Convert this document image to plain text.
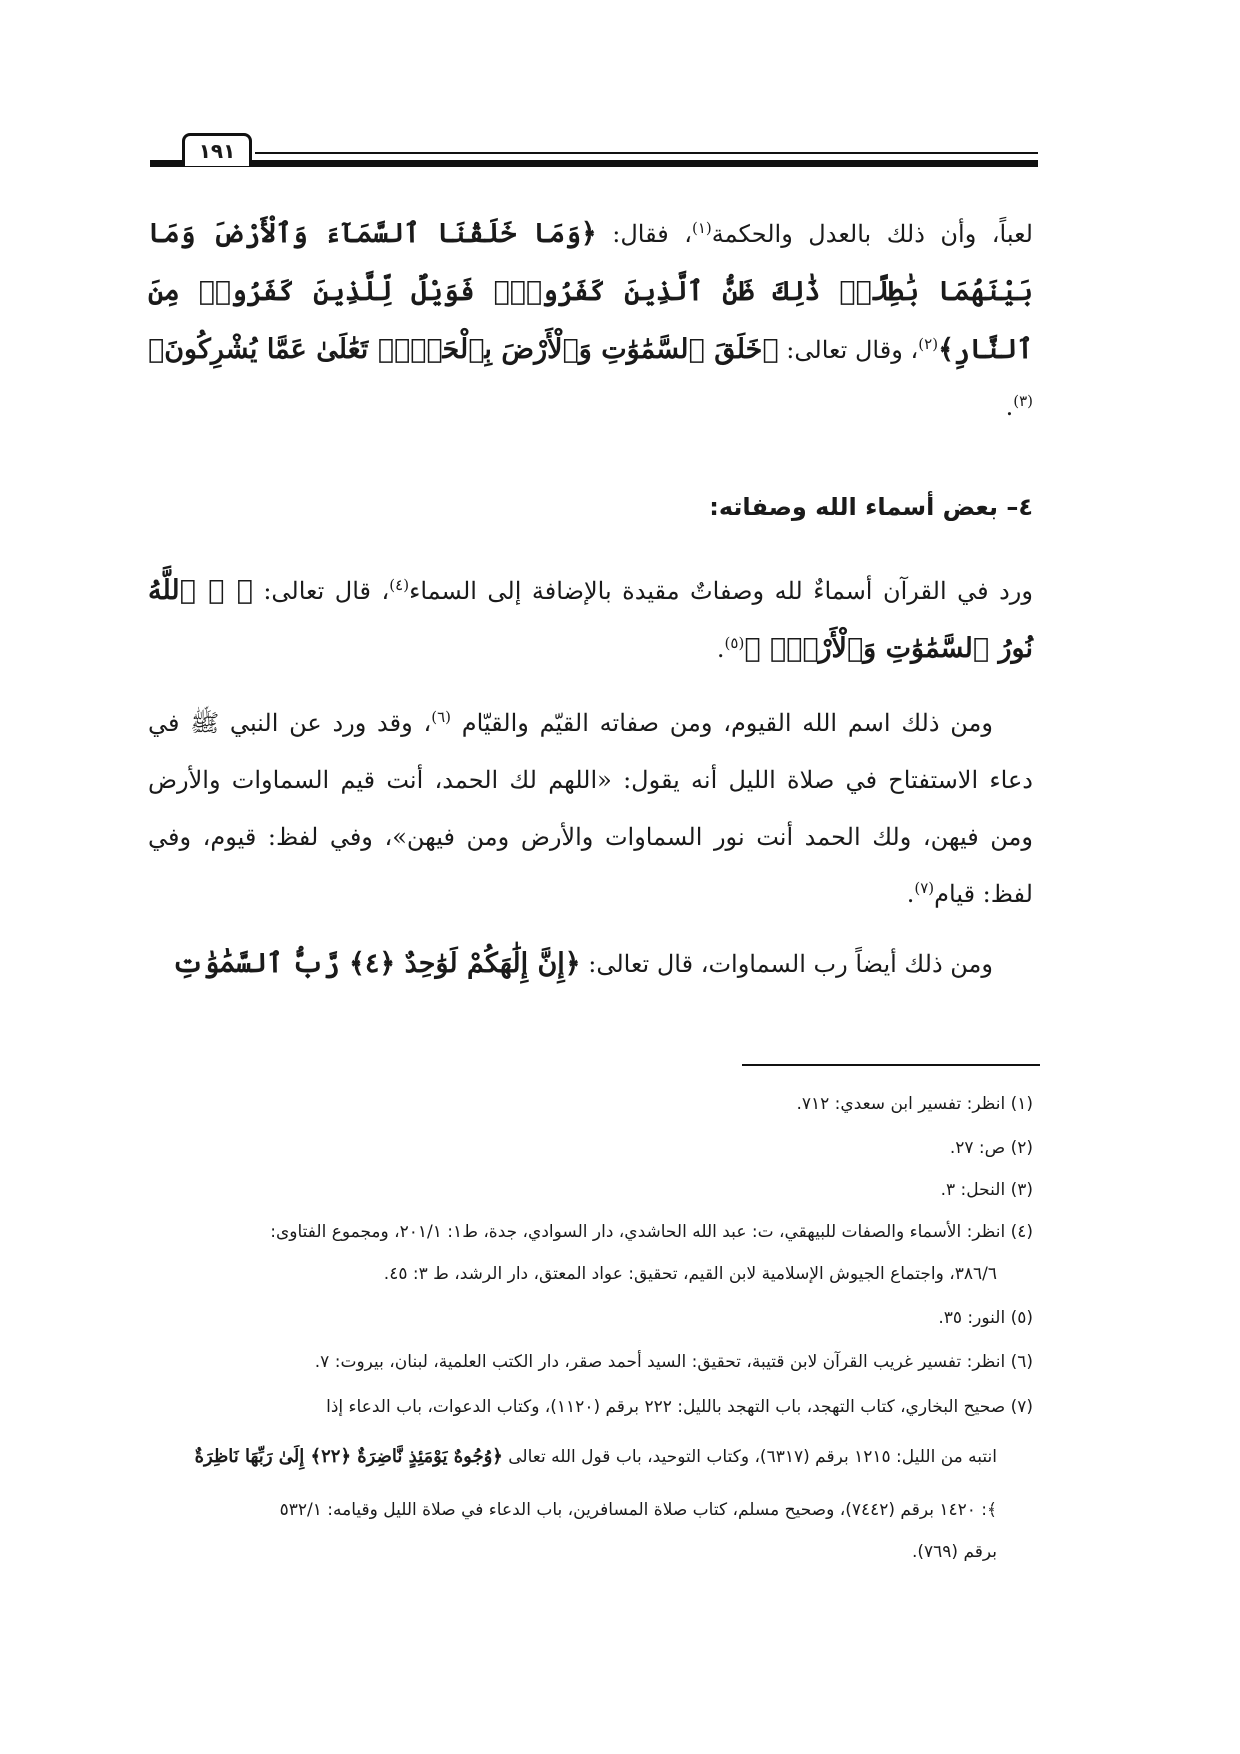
١٩١
لعباً، وأن ذلك بالعدل والحكمة$^{(١)}$، فقال: ﴿وَمَا خَلَقْنَا ٱلسَّمَآءَ وَٱلْأَرْضَ وَمَا بَيْنَهُمَا بَٰطِلًاۚ ذَٰلِكَ ظَنُّ ٱلَّذِينَ كَفَرُوا۟ۚ فَوَيْلٌ لِّلَّذِينَ كَفَرُوا۟ مِنَ ٱلنَّارِ﴾$^{(٢)}$، وقال تعالى: ﴿خَلَقَ ٱلسَّمَٰوَٰتِ وَٱلْأَرْضَ بِٱلْحَقِّۚ تَعَٰلَىٰ عَمَّا يُشْرِكُونَ﴾$^{(٣)}$.
٤– بعض أسماء الله وصفاته:
ورد في القرآن أسماءٌ لله وصفاتٌ مقيدة بالإضافة إلى السماء$^{(٤)}$، قال تعالى: ﴿ ۞ ٱللَّهُ نُورُ ٱلسَّمَٰوَٰتِ وَٱلْأَرْضِۚ ﴾$^{(٥)}$.
ومن ذلك اسم الله القيوم، ومن صفاته القيّم والقيّام $^{(٦)}$، وقد ورد عن النبي ﷺ في دعاء الاستفتاح في صلاة الليل أنه يقول: «اللهم لك الحمد، أنت قيم السماوات والأرض ومن فيهن، ولك الحمد أنت نور السماوات والأرض ومن فيهن»، وفي لفظ: قيوم، وفي لفظ: قيام$^{(٧)}$.
ومن ذلك أيضاً رب السماوات، قال تعالى: ﴿إِنَّ إِلَٰهَكُمْ لَوَٰحِدٌ ﴿٤﴾ رَّبُّ ٱلسَّمَٰوَٰتِ
(١) انظر: تفسير ابن سعدي: ٧١٢.
(٢) ص: ٢٧.
(٣) النحل: ٣.
(٤) انظر: الأسماء والصفات للبيهقي، ت: عبد الله الحاشدي، دار السوادي، جدة، ط١: ٢٠١/١، ومجموع الفتاوى:
٣٨٦/٦، واجتماع الجيوش الإسلامية لابن القيم، تحقيق: عواد المعتق، دار الرشد، ط ٣: ٤٥.
(٥) النور: ٣٥.
(٦) انظر: تفسير غريب القرآن لابن قتيبة، تحقيق: السيد أحمد صقر، دار الكتب العلمية، لبنان، بيروت: ٧.
(٧) صحيح البخاري، كتاب التهجد، باب التهجد بالليل: ٢٢٢ برقم (١١٢٠)، وكتاب الدعوات، باب الدعاء إذا
انتبه من الليل: ١٢١٥ برقم (٦٣١٧)، وكتاب التوحيد، باب قول الله تعالى ﴿وُجُوهٌ يَوْمَئِذٍ نَّاضِرَةٌ ﴿٢٢﴾ إِلَىٰ رَبِّهَا نَاظِرَةٌ
﴾: ١٤٢٠ برقم (٧٤٤٢)، وصحيح مسلم، كتاب صلاة المسافرين، باب الدعاء في صلاة الليل وقيامه: ٥٣٢/١
برقم (٧٦٩).
